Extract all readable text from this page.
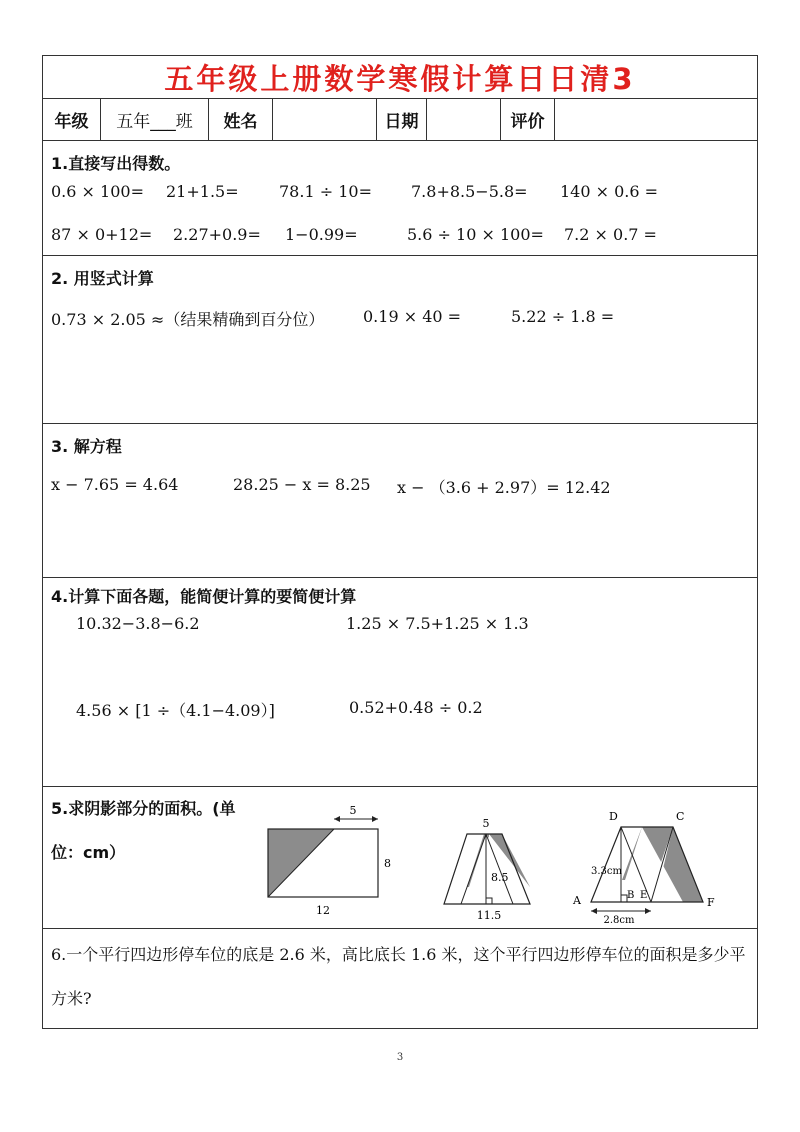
五年级上册数学寒假计算日日清3
年级	五年___班	姓名	日期	评价
1.直接写出得数。
0.6 × 100= 21+1.5=	78.1 ÷ 10= 7.8+8.5−5.8= 140 × 0.6 =
87 × 0+12= 2.27+0.9= 1−0.99=	5.6 ÷ 10 × 100= 7.2 × 0.7 =
2. 用竖式计算
0.73 × 2.05 ≈（结果精确到百分位） 0.19 × 40 =	5.22 ÷ 1.8 =
3. 解方程
x − 7.65 = 4.64	28.25 − x = 8.25 x − （3.6 + 2.97）= 12.42
4.计算下面各题，能简便计算的要简便计算
10.32−3.8−6.2	1.25 × 7.5+1.25 × 1.3
4.56 × [1 ÷（4.1−4.09）]	0.52+0.48 ÷ 0.2
5.求阴影部分的面积。(单位：cm）
5
8
12
5
8.5
11.5
D	C
A	B E
F
3.3cm
2.8cm
6.一个平行四边形停车位的底是 2.6 米，高比底长 1.6 米，这个平行四边形停车位的面积是多少平方米?
3
